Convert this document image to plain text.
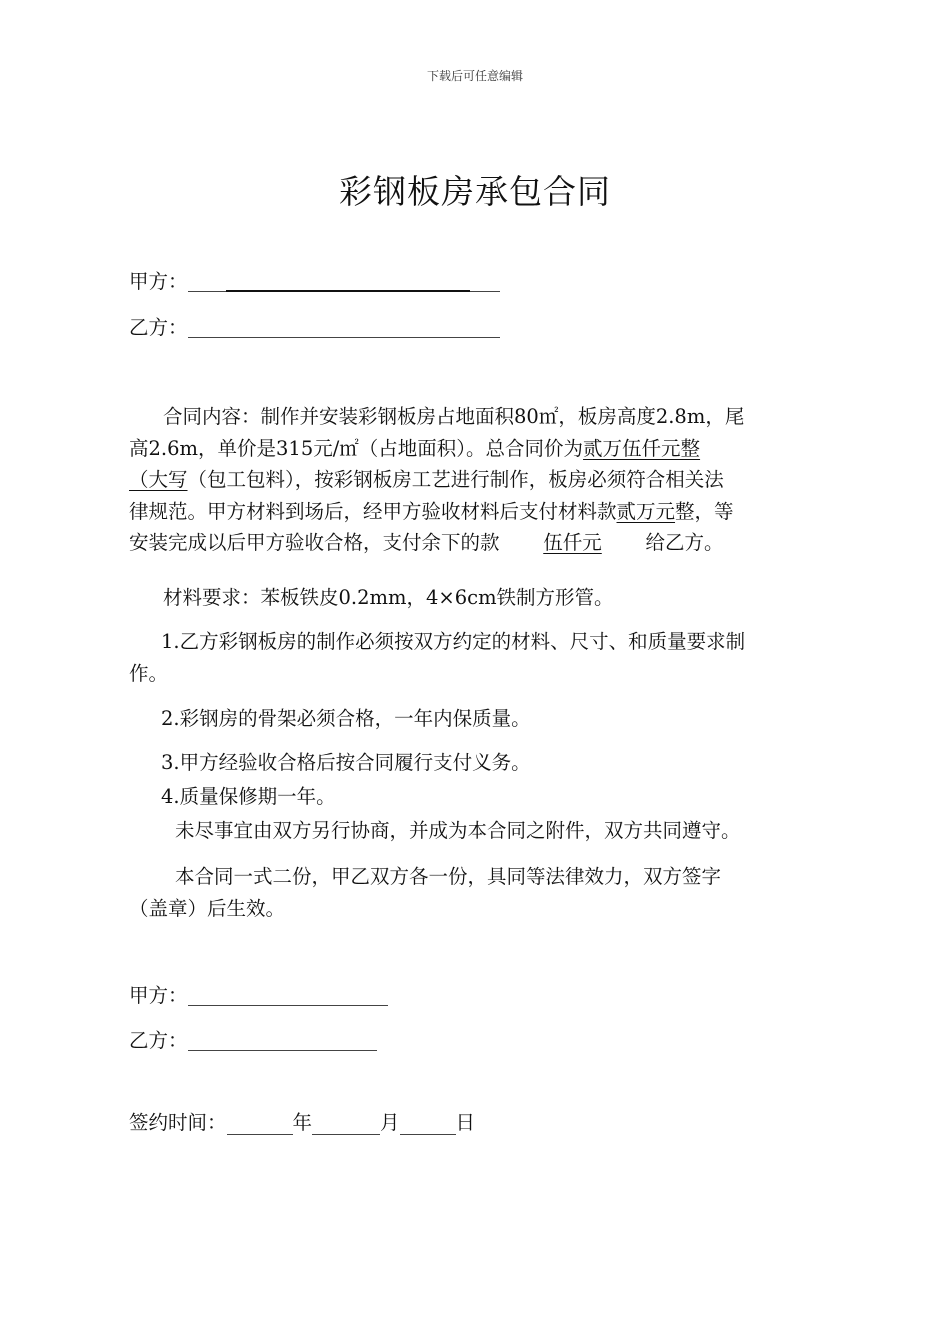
下载后可任意编辑
彩钢板房承包合同
甲方：
乙方：
合同内容：制作并安装彩钢板房占地面积80㎡，板房高度2.8m，尾
高2.6m，单价是315元/㎡（占地面积）。总合同价为贰万伍仟元整
（大写（包工包料），按彩钢板房工艺进行制作，板房必须符合相关法
律规范。甲方材料到场后，经甲方验收材料后支付材料款贰万元整，等
安装完成以后甲方验收合格，支付余下的款 伍仟元 给乙方。
材料要求：苯板铁皮0.2mm，4×6cm铁制方形管。
1.乙方彩钢板房的制作必须按双方约定的材料、尺寸、和质量要求制
作。
2.彩钢房的骨架必须合格，一年内保质量。
3.甲方经验收合格后按合同履行支付义务。
4.质量保修期一年。
未尽事宜由双方另行协商，并成为本合同之附件，双方共同遵守。
本合同一式二份，甲乙双方各一份，具同等法律效力，双方签字
（盖章）后生效。
甲方：
乙方：
签约时间：	年	月	日
